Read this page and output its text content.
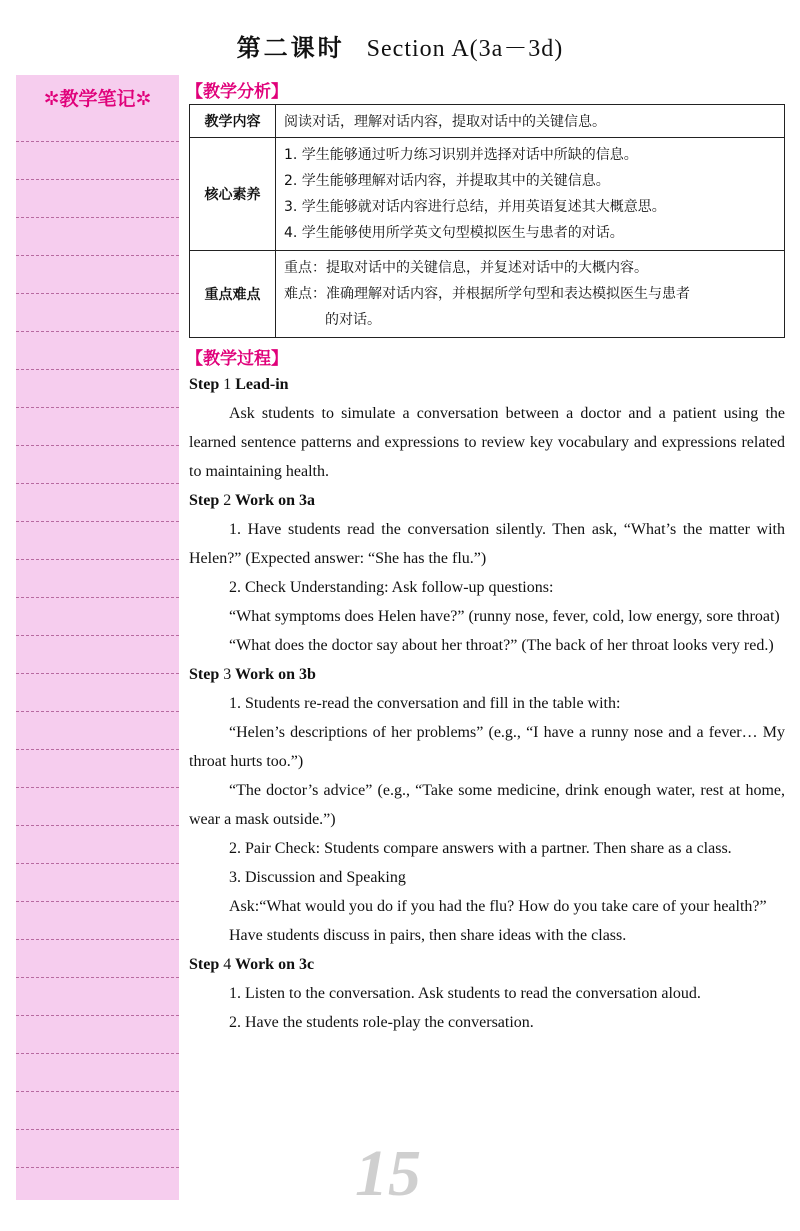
第二课时 Section A(3a－3d)
✲教学笔记✲	【教学分析】
教学内容	阅读对话，理解对话内容，提取对话中的关键信息。
核心素养	1. 学生能够通过听力练习识别并选择对话中所缺的信息。
2. 学生能够理解对话内容，并提取其中的关键信息。
3. 学生能够就对话内容进行总结，并用英语复述其大概意思。
4. 学生能够使用所学英文句型模拟医生与患者的对话。

重点难点	重点：提取对话中的关键信息，并复述对话中的大概内容。
难点：准确理解对话内容，并根据所学句型和表达模拟医生与患者
的对话。
【教学过程】
15

Step 1 Lead-in

Ask students to simulate a conversation between a doctor and a patient using the learned sentence patterns and expressions to review key vocabulary and expressions related to maintaining health.

Step 2 Work on 3a

1. Have students read the conversation silently. Then ask, “What’s the matter with Helen?” (Expected answer: “She has the flu.”)

2. Check Understanding: Ask follow-up questions:

“What symptoms does Helen have?” (runny nose, fever, cold, low energy, sore throat)

“What does the doctor say about her throat?” (The back of her throat looks very red.)

Step 3 Work on 3b

1. Students re-read the conversation and fill in the table with:

“Helen’s descriptions of her problems” (e.g., “I have a runny nose and a fever… My throat hurts too.”)

“The doctor’s advice” (e.g., “Take some medicine, drink enough water, rest at home, wear a mask outside.”)

2. Pair Check: Students compare answers with a partner. Then share as a class.

3. Discussion and Speaking

Ask:“What would you do if you had the flu? How do you take care of your health?”

Have students discuss in pairs, then share ideas with the class.

Step 4 Work on 3c

1. Listen to the conversation. Ask students to read the conversation aloud.

2. Have the students role-play the conversation.
